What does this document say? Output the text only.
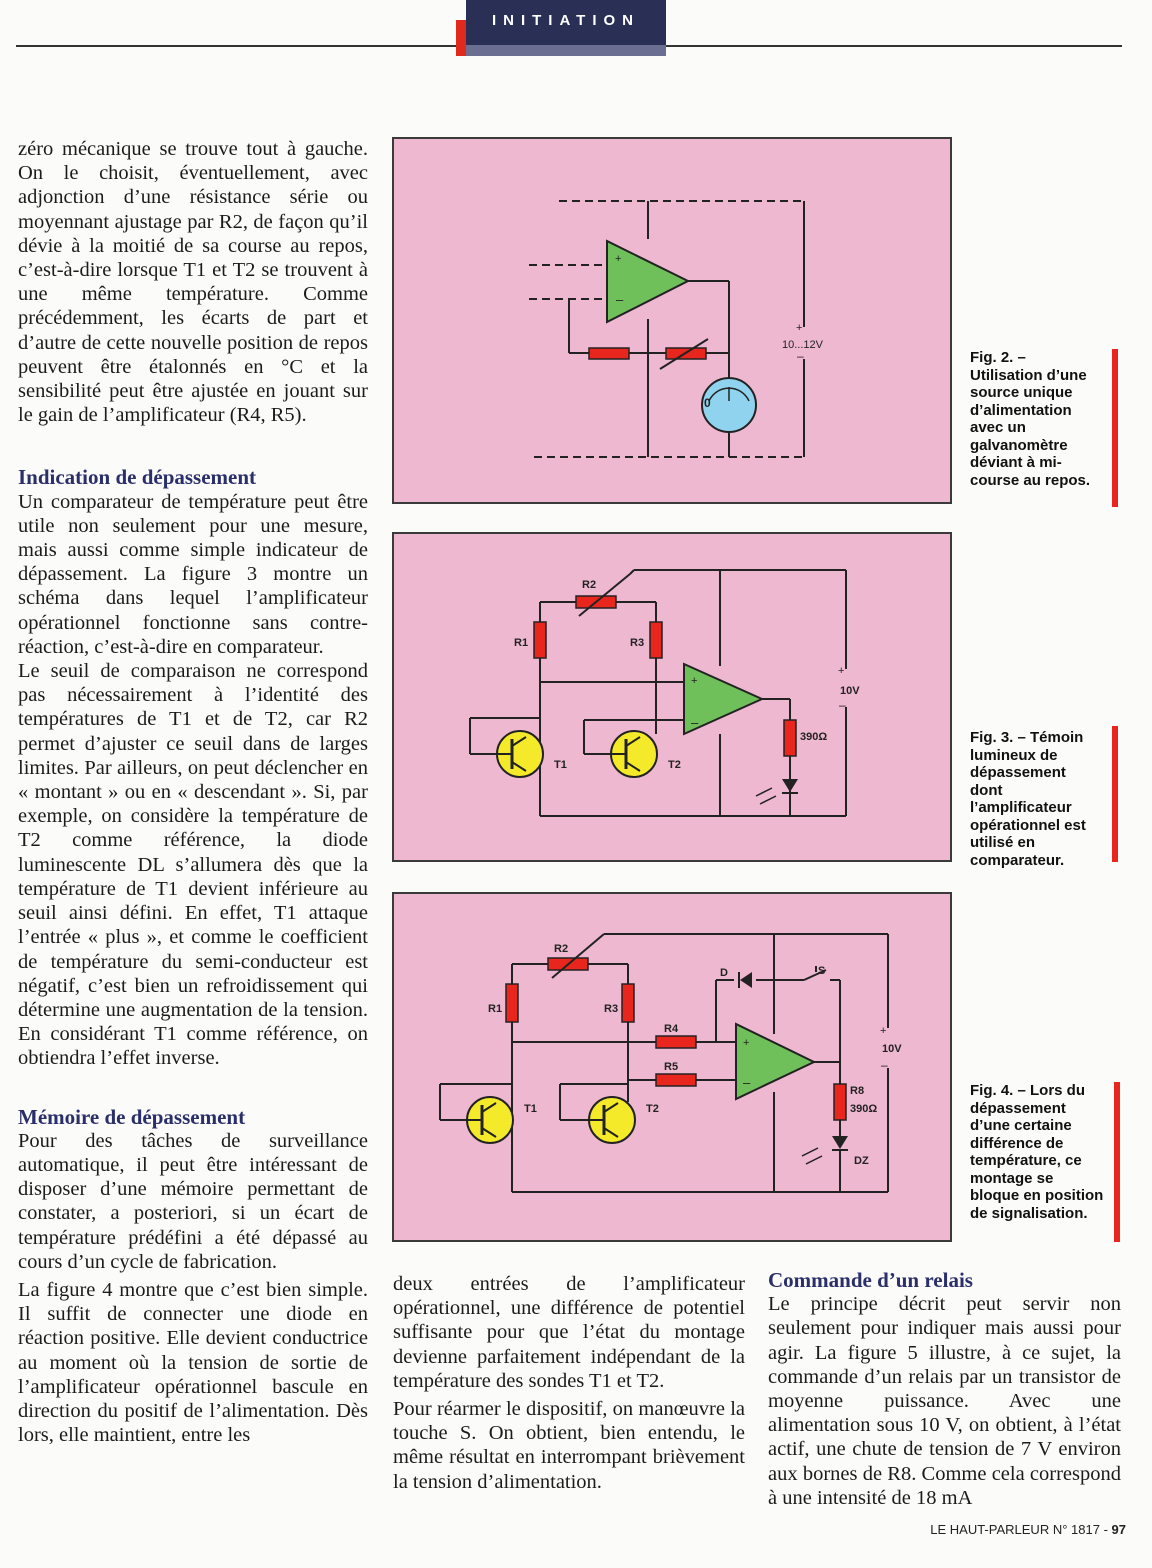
INITIATION

zéro mécanique se trouve tout à gauche. On le choisit, éventuellement, avec adjonction d’une résistance série ou moyennant ajustage par R2, de façon qu’il dévie à la moitié de sa course au repos, c’est-à-dire lorsque T1 et T2 se trouvent à une même température. Comme précédemment, les écarts de part et d’autre de cette nouvelle position de repos peuvent être étalonnés en °C et la sensibilité peut être ajustée en jouant sur le gain de l’amplificateur (R4, R5).

Indication de dépassement

Un comparateur de température peut être utile non seulement pour une mesure, mais aussi comme simple indicateur de dépassement. La figure 3 montre un schéma dans lequel l’amplificateur opérationnel fonctionne sans contre-réaction, c’est-à-dire en comparateur.

Le seuil de comparaison ne correspond pas nécessairement à l’identité des températures de T1 et de T2, car R2 permet d’ajuster ce seuil dans de larges limites. Par ailleurs, on peut déclencher en « montant » ou en « descendant ». Si, par exemple, on considère la température de T2 comme référence, la diode luminescente DL s’allumera dès que la température de T1 devient inférieure au seuil ainsi défini. En effet, T1 attaque l’entrée « plus », et comme le coefficient de température du semi-conducteur est négatif, c’est bien un refroidissement qui détermine une augmentation de la tension. En considérant T1 comme référence, on obtiendra l’effet inverse.

Mémoire de dépassement

Pour des tâches de surveillance automatique, il peut être intéressant de disposer d’une mémoire permettant de constater, a posteriori, si un écart de température prédéfini a été dépassé au cours d’un cycle de fabrication.

La figure 4 montre que c’est bien simple. Il suffit de connecter une diode en réaction positive. Elle devient conductrice au moment où la tension de sortie de l’amplificateur opérationnel bascule en direction du positif de l’alimentation. Dès lors, elle maintient, entre les

deux entrées de l’amplificateur opérationnel, une différence de potentiel suffisante pour que l’état du montage devienne parfaitement indépendant de la température des sondes T1 et T2.

Pour réarmer le dispositif, on manœuvre la touche S. On obtient, bien entendu, le même résultat en interrompant brièvement la tension d’alimentation.

Commande d’un relais

Le principe décrit peut servir non seulement pour indiquer mais aussi pour agir. La figure 5 illustre, à ce sujet, la commande d’un relais par un transistor de moyenne puissance. Avec une alimentation sous 10 V, on obtient, à l’état actif, une chute de tension de 7 V environ aux bornes de R8. Comme cela correspond à une intensité de 18 mA

+
–
0
+
–
10...12V
Fig. 2. – Utilisation d’une source unique d’alimentation avec un galvanomètre déviant à mi-course au repos.
+
–
+
–
R2
R1	R3
T1	T2
10V
390Ω	Fig. 3. – Témoin lumineux de dépassement dont l’amplificateur opérationnel est utilisé en comparateur.
+
–
+
–
R2
R1	R3
R4
R5
R8
390Ω
D	S
DZ
T1	T2
10V
Fig. 4. – Lors du dépassement d’une certaine différence de température, ce montage se bloque en position de signalisation.
LE HAUT-PARLEUR N° 1817 - 97
